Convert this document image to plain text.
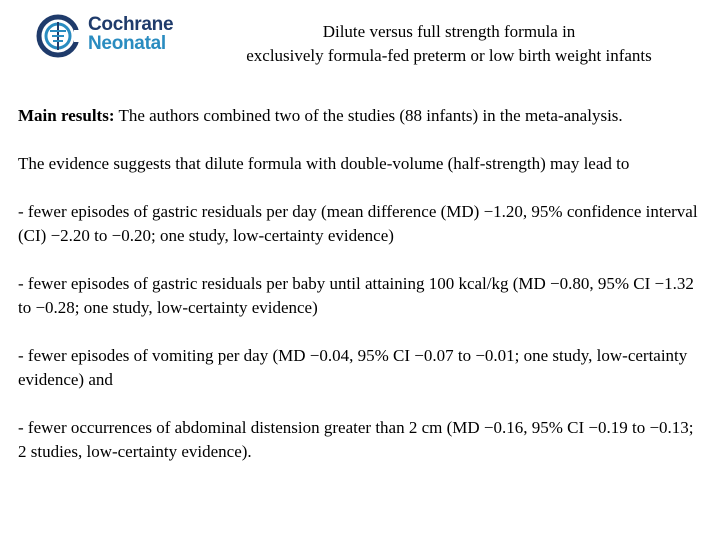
Cochrane
Neonatal
Dilute versus full strength formula in
exclusively formula-fed preterm or low birth weight infants

Main results: The authors combined two of the studies (88 infants) in the meta-analysis.

The evidence suggests that dilute formula with double-volume (half-strength) may lead to

- fewer episodes of gastric residuals per day (mean difference (MD) −1.20, 95% confidence interval (CI) −2.20 to −0.20; one study, low-certainty evidence)

- fewer episodes of gastric residuals per baby until attaining 100 kcal/kg (MD −0.80, 95% CI −1.32 to −0.28; one study, low-certainty evidence)

- fewer episodes of vomiting per day (MD −0.04, 95% CI −0.07 to −0.01; one study, low-certainty evidence) and

- fewer occurrences of abdominal distension greater than 2 cm (MD −0.16, 95% CI −0.19 to −0.13; 2 studies, low-certainty evidence).
